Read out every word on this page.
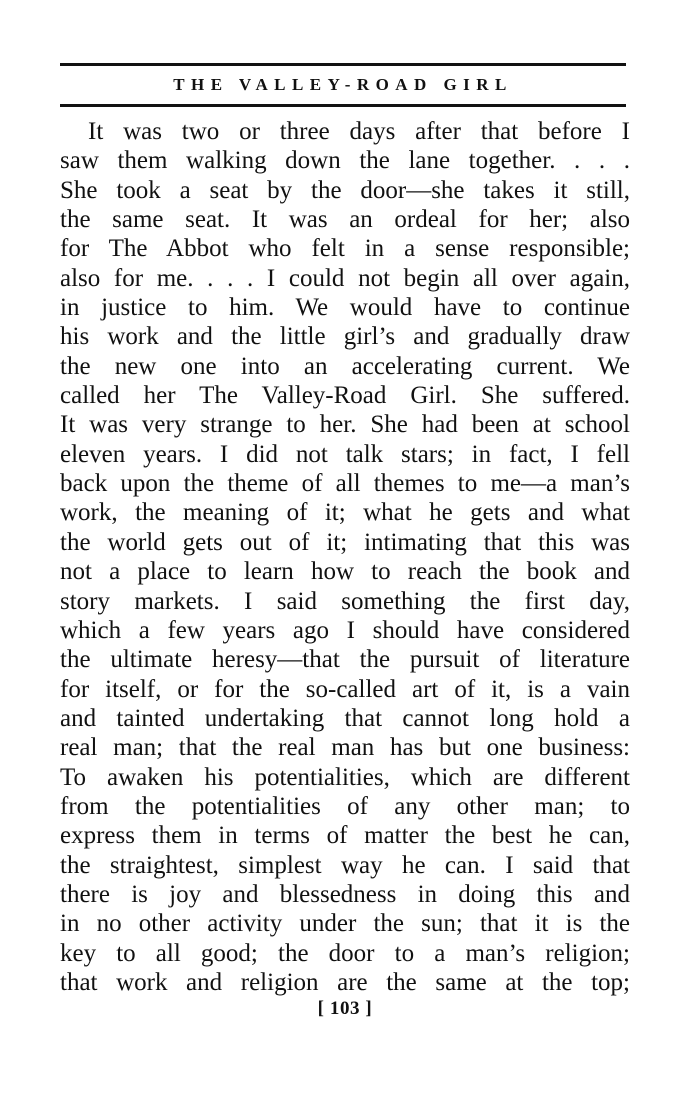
THE VALLEY-ROAD GIRL
It was two or three days after that before I
saw them walking down the lane together. . . .
She took a seat by the door—she takes it still,
the same seat. It was an ordeal for her; also
for The Abbot who felt in a sense responsible;
also for me. . . . I could not begin all over again,
in justice to him. We would have to continue
his work and the little girl’s and gradually draw
the new one into an accelerating current. We
called her The Valley-Road Girl. She suffered.
It was very strange to her. She had been at school
eleven years. I did not talk stars; in fact, I fell
back upon the theme of all themes to me—a man’s
work, the meaning of it; what he gets and what
the world gets out of it; intimating that this was
not a place to learn how to reach the book and
story markets. I said something the first day,
which a few years ago I should have considered
the ultimate heresy—that the pursuit of literature
for itself, or for the so-called art of it, is a vain
and tainted undertaking that cannot long hold a
real man; that the real man has but one business:
To awaken his potentialities, which are different
from the potentialities of any other man; to
express them in terms of matter the best he can,
the straightest, simplest way he can. I said that
there is joy and blessedness in doing this and
in no other activity under the sun; that it is the
key to all good; the door to a man’s religion;
that work and religion are the same at the top;
[ 103 ]
